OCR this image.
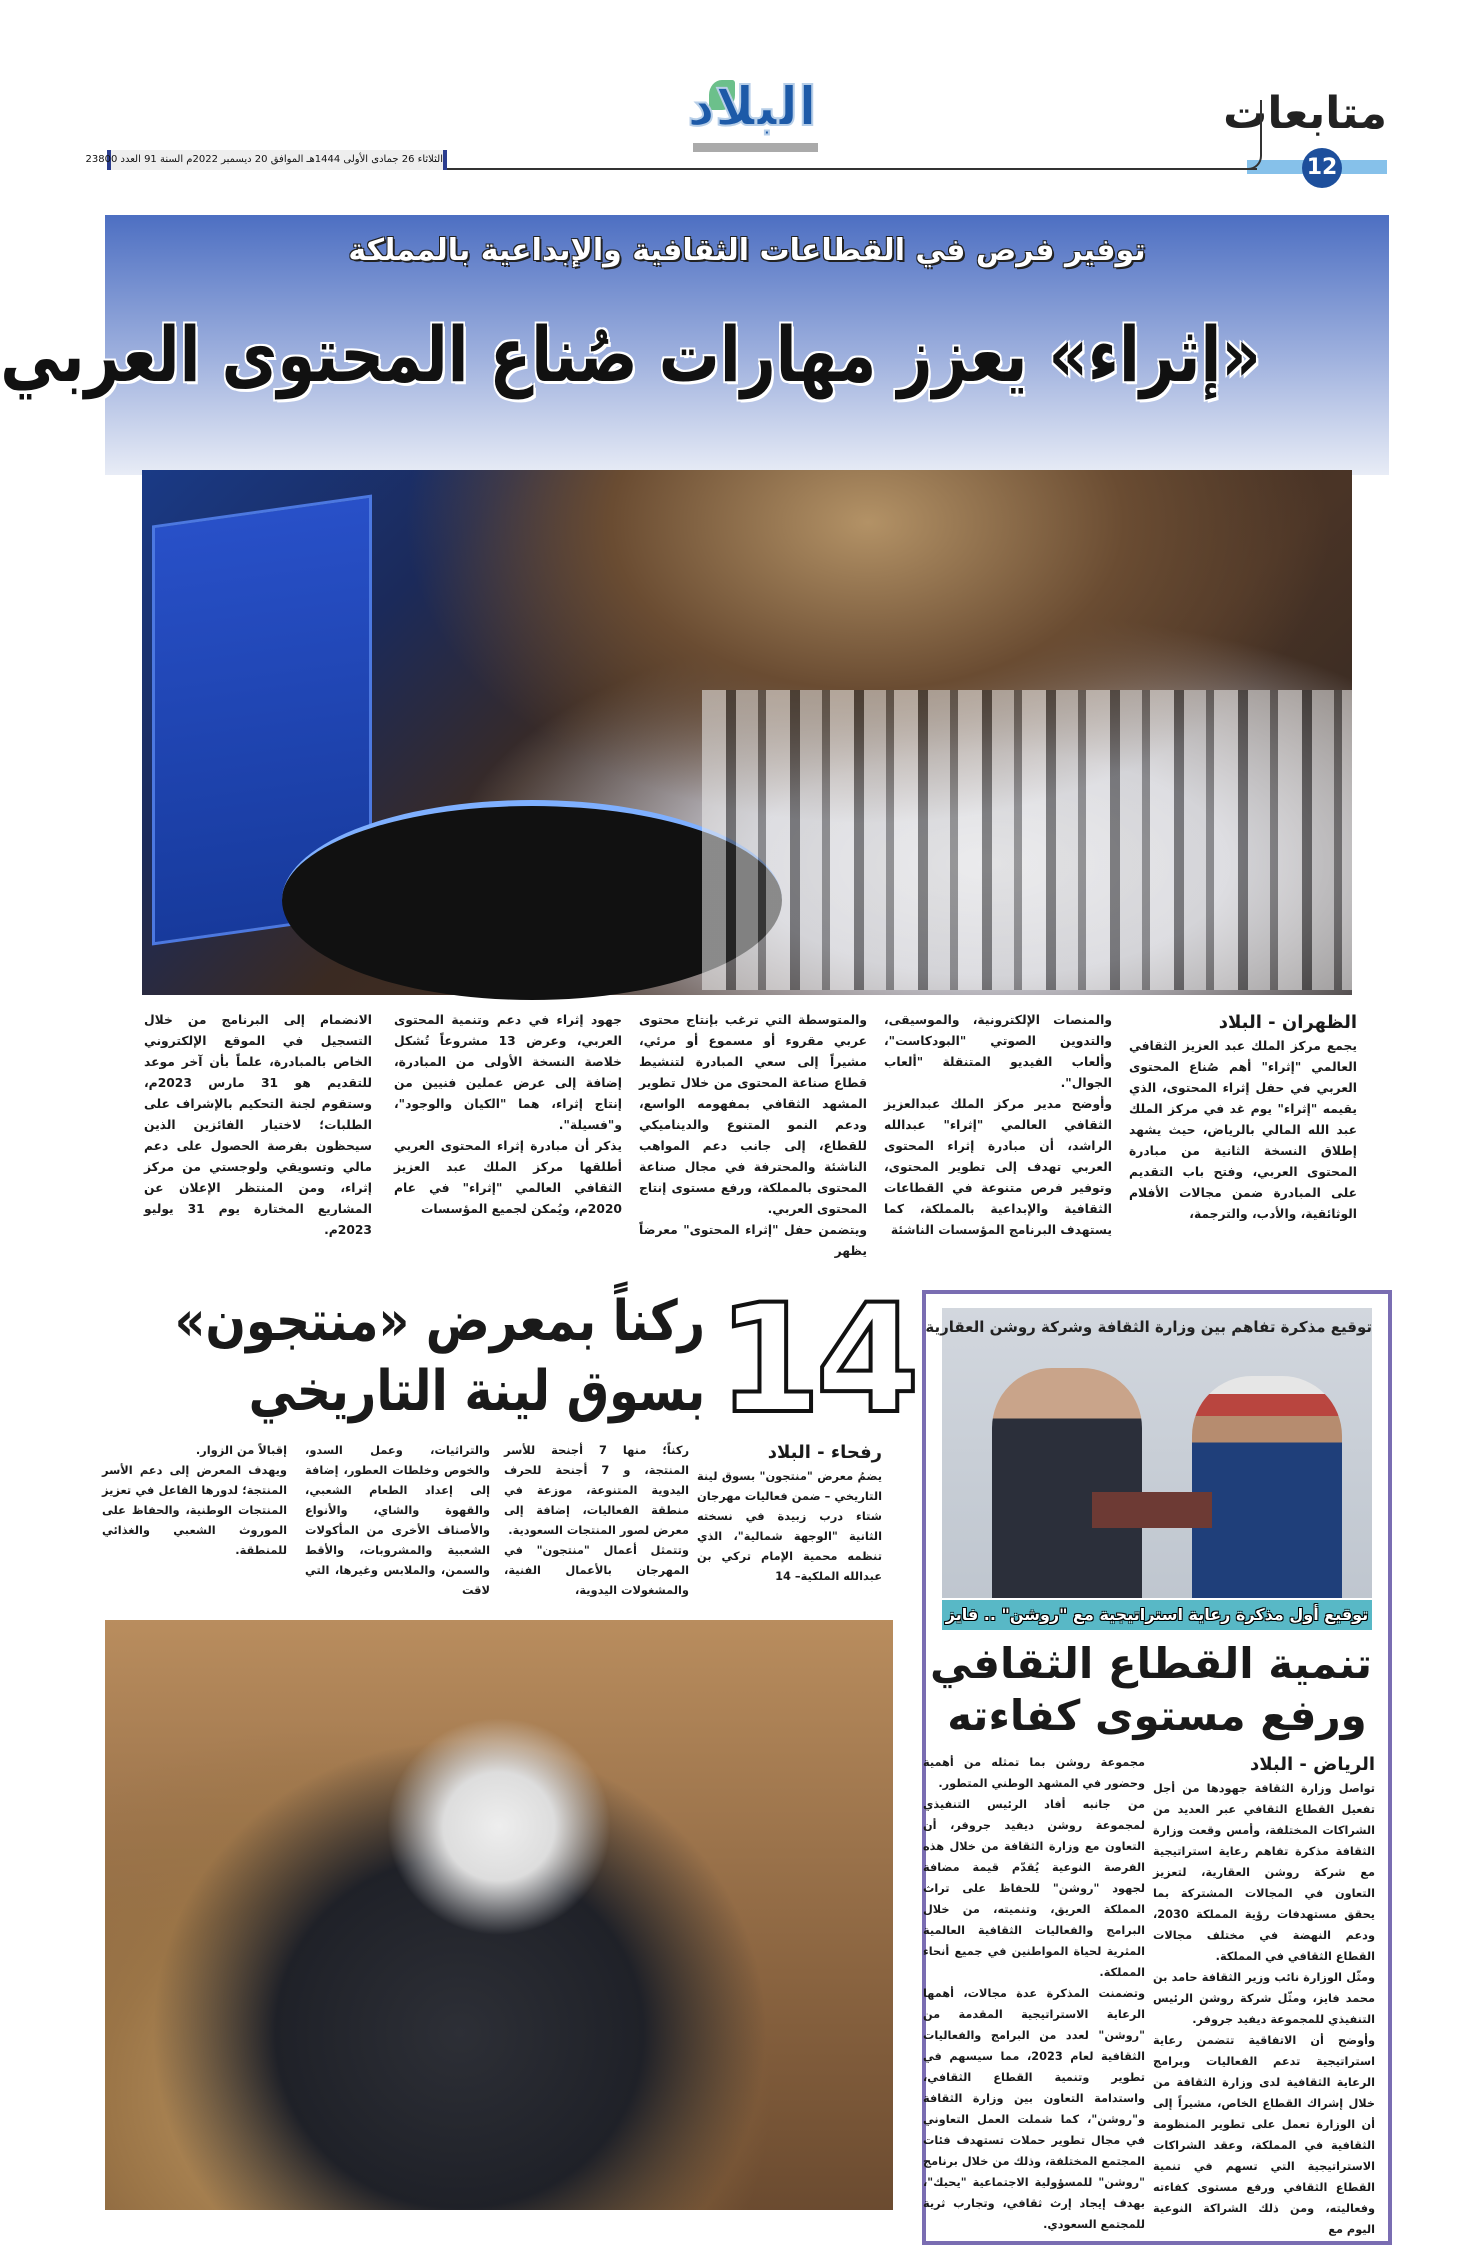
متابعات
12
البلاد
الثلاثاء 26 جمادى الأولى 1444هـ الموافق 20 ديسمبر 2022م السنة 91 العدد 23800
توفير فرص في القطاعات الثقافية والإبداعية بالمملكة
«إثراء» يعزز مهارات صُناع المحتوى العربي
الظهران - البلاد

يجمع مركز الملك عبد العزيز الثقافي العالمي "إثراء" أهم صُناع المحتوى العربي في حفل إثراء المحتوى، الذي يقيمه "إثراء" يوم غد في مركز الملك عبد الله المالي بالرياض، حيث يشهد إطلاق النسخة الثانية من مبادرة المحتوى العربي، وفتح باب التقديم على المبادرة ضمن مجالات الأفلام الوثائقية، والأدب، والترجمة،

والمنصات الإلكترونية، والموسيقى، والتدوين الصوتي "البودكاست"، وألعاب الفيديو المتنقلة "ألعاب الجوال".

وأوضح مدير مركز الملك عبدالعزيز الثقافي العالمي "إثراء" عبدالله الراشد، أن مبادرة إثراء المحتوى العربي تهدف إلى تطوير المحتوى، وتوفير فرص متنوعة في القطاعات الثقافية والإبداعية بالمملكة، كما يستهدف البرنامج المؤسسات الناشئة

والمتوسطة التي ترغب بإنتاج محتوى عربي مقروء أو مسموع أو مرئي، مشيراً إلى سعي المبادرة لتنشيط قطاع صناعة المحتوى من خلال تطوير المشهد الثقافي بمفهومه الواسع، ودعم النمو المتنوع والديناميكي للقطاع، إلى جانب دعم المواهب الناشئة والمحترفة في مجال صناعة المحتوى بالمملكة، ورفع مستوى إنتاج المحتوى العربي.

ويتضمن حفل "إثراء المحتوى" معرضاً يظهر

جهود إثراء في دعم وتنمية المحتوى العربي، وعرض 13 مشروعاً تُشكل خلاصة النسخة الأولى من المبادرة، إضافة إلى عرض عملين فنيين من إنتاج إثراء، هما "الكيان والوجود"، و"فسيلة".

يذكر أن مبادرة إثراء المحتوى العربي أطلقها مركز الملك عبد العزيز الثقافي العالمي "إثراء" في عام 2020م، ويُمكن لجميع المؤسسات

الانضمام إلى البرنامج من خلال التسجيل في الموقع الإلكتروني الخاص بالمبادرة، علماً بأن آخر موعد للتقديم هو 31 مارس 2023م، وستقوم لجنة التحكيم بالإشراف على الطلبات؛ لاختيار الفائزين الذين سيحظون بفرصة الحصول على دعم مالي وتسويقي ولوجستي من مركز إثراء، ومن المنتظر الإعلان عن المشاريع المختارة يوم 31 يوليو 2023م.

14
ركناً بمعرض «منتجون»
بسوق لينة التاريخي
رفحاء - البلاد

يضمُ معرض "منتجون" بسوق لينة التاريخي – ضمن فعاليات مهرجان شتاء درب زبيدة في نسخته الثانية "الوجهة شمالية"، الذي تنظمه محمية الإمام تركي بن عبدالله الملكية– 14

ركناً؛ منها 7 أجنحة للأسر المنتجة، و 7 أجنحة للحرف اليدوية المتنوعة، موزعة في منطقة الفعاليات، إضافة إلى معرض لصور المنتجات السعودية.

وتتمثل أعمال "منتجون" في المهرجان بالأعمال الفنية، والمشغولات اليدوية،

والتراثيات، وعمل السدو، والخوص وخلطات العطور، إضافة إلى إعداد الطعام الشعبي، والقهوة والشاي، والأنواع والأصناف الأخرى من المأكولات الشعبية والمشروبات، والأقط والسمن، والملابس وغيرها، التي لاقت

إقبالاً من الزوار.

ويهدف المعرض إلى دعم الأسر المنتجة؛ لدورها الفاعل في تعزيز المنتجات الوطنية، والحفاظ على الموروث الشعبي والغذائي للمنطقة.

توقيع مذكرة تفاهم بين وزارة الثقافة وشركة روشن العقارية
توقيع أول مذكرة رعاية استراتيجية مع "روشن" .. فايز
تنمية القطاع الثقافي
ورفع مستوى كفاءته
الرياض - البلاد

تواصل وزارة الثقافة جهودها من أجل تفعيل القطاع الثقافي عبر العديد من الشراكات المختلفة، وأمس وقعت وزارة الثقافة مذكرة تفاهم رعاية استراتيجية مع شركة روشن العقارية، لتعزيز التعاون في المجالات المشتركة بما يحقق مستهدفات رؤية المملكة 2030، ودعم النهضة في مختلف مجالات القطاع الثقافي في المملكة.

ومثّل الوزارة نائب وزير الثقافة حامد بن محمد فايز، ومثّل شركة روشن الرئيس التنفيذي للمجموعة ديفيد جروفر.

وأوضح أن الاتفاقية تتضمن رعاية استراتيجية تدعم الفعاليات وبرامج الرعاية الثقافية لدى وزارة الثقافة من خلال إشراك القطاع الخاص، مشيراً إلى أن الوزارة تعمل على تطوير المنظومة الثقافية في المملكة، وعقد الشراكات الاستراتيجية التي تسهم في تنمية القطاع الثقافي ورفع مستوى كفاءته وفعاليته، ومن ذلك الشراكة النوعية اليوم مع

مجموعة روشن بما تمثله من أهمية وحضور في المشهد الوطني المتطور.

من جانبه أفاد الرئيس التنفيذي لمجموعة روشن ديفيد جروفر، أن التعاون مع وزارة الثقافة من خلال هذه الفرصة النوعية يُقدّم قيمة مضافة لجهود "روشن" للحفاظ على تراث المملكة العريق، وتنميته، من خلال البرامج والفعاليات الثقافية العالمية المثرية لحياة المواطنين في جميع أنحاء المملكة.

وتضمنت المذكرة عدة مجالات، أهمها الرعاية الاستراتيجية المقدمة من "روشن" لعدد من البرامج والفعاليات الثقافية لعام 2023، مما سيسهم في تطوير وتنمية القطاع الثقافي، واستدامة التعاون بين وزارة الثقافة و"روشن"، كما شملت العمل التعاوني في مجال تطوير حملات تستهدف فئات المجتمع المختلفة، وذلك من خلال برنامج "روشن" للمسؤولية الاجتماعية "يحيك"، بهدف إيجاد إرث ثقافي، وتجارب ثرية للمجتمع السعودي.
